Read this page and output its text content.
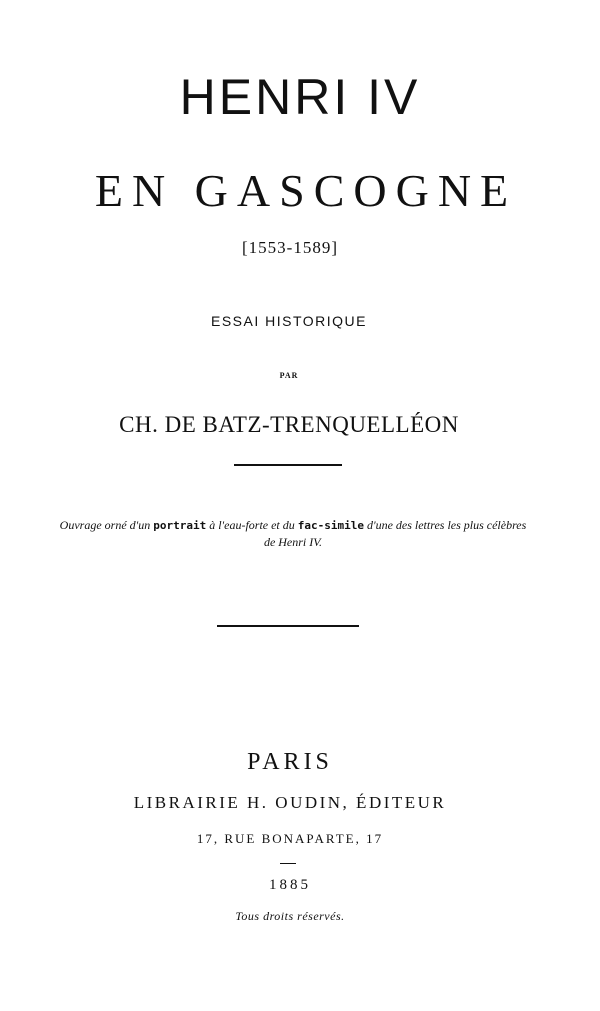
HENRI IV
EN GASCOGNE
[1553-1589]
ESSAI HISTORIQUE
PAR
CH. DE BATZ-TRENQUELLÉON
Ouvrage orné d'un portrait à l'eau-forte et du fac-simile d'une des lettres les plus célèbres de Henri IV.
PARIS
LIBRAIRIE H. OUDIN, ÉDITEUR
17, RUE BONAPARTE, 17
1885
Tous droits réservés.
